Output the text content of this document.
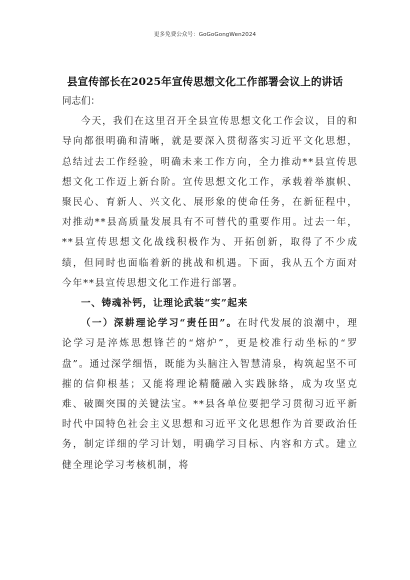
更多免费公众号：GoGoGongWen2024
县宣传部长在2025年宣传思想文化工作部署会议上的讲话

同志们：

今天，我们在这里召开全县宣传思想文化工作会议，目的和导向都很明确和清晰，就是要深入贯彻落实习近平文化思想，总结过去工作经验，明确未来工作方向，全力推动**县宣传思想文化工作迈上新台阶。宣传思想文化工作，承载着举旗帜、聚民心、育新人、兴文化、展形象的使命任务，在新征程中，对推动**县高质量发展具有不可替代的重要作用。过去一年，**县宣传思想文化战线积极作为、开拓创新，取得了不少成绩，但同时也面临着新的挑战和机遇。下面，我从五个方面对今年**县宣传思想文化工作进行部署。

一、铸魂补钙，让理论武装“实”起来

（一）深耕理论学习“责任田”。在时代发展的浪潮中，理论学习是淬炼思想锋芒的“熔炉”，更是校准行动坐标的“罗盘”。通过深学细悟，既能为头脑注入智慧清泉，构筑起坚不可摧的信仰根基；又能将理论精髓融入实践脉络，成为攻坚克难、破圈突围的关键法宝。**县各单位要把学习贯彻习近平新时代中国特色社会主义思想和习近平文化思想作为首要政治任务，制定详细的学习计划，明确学习目标、内容和方式。建立健全理论学习考核机制，将
